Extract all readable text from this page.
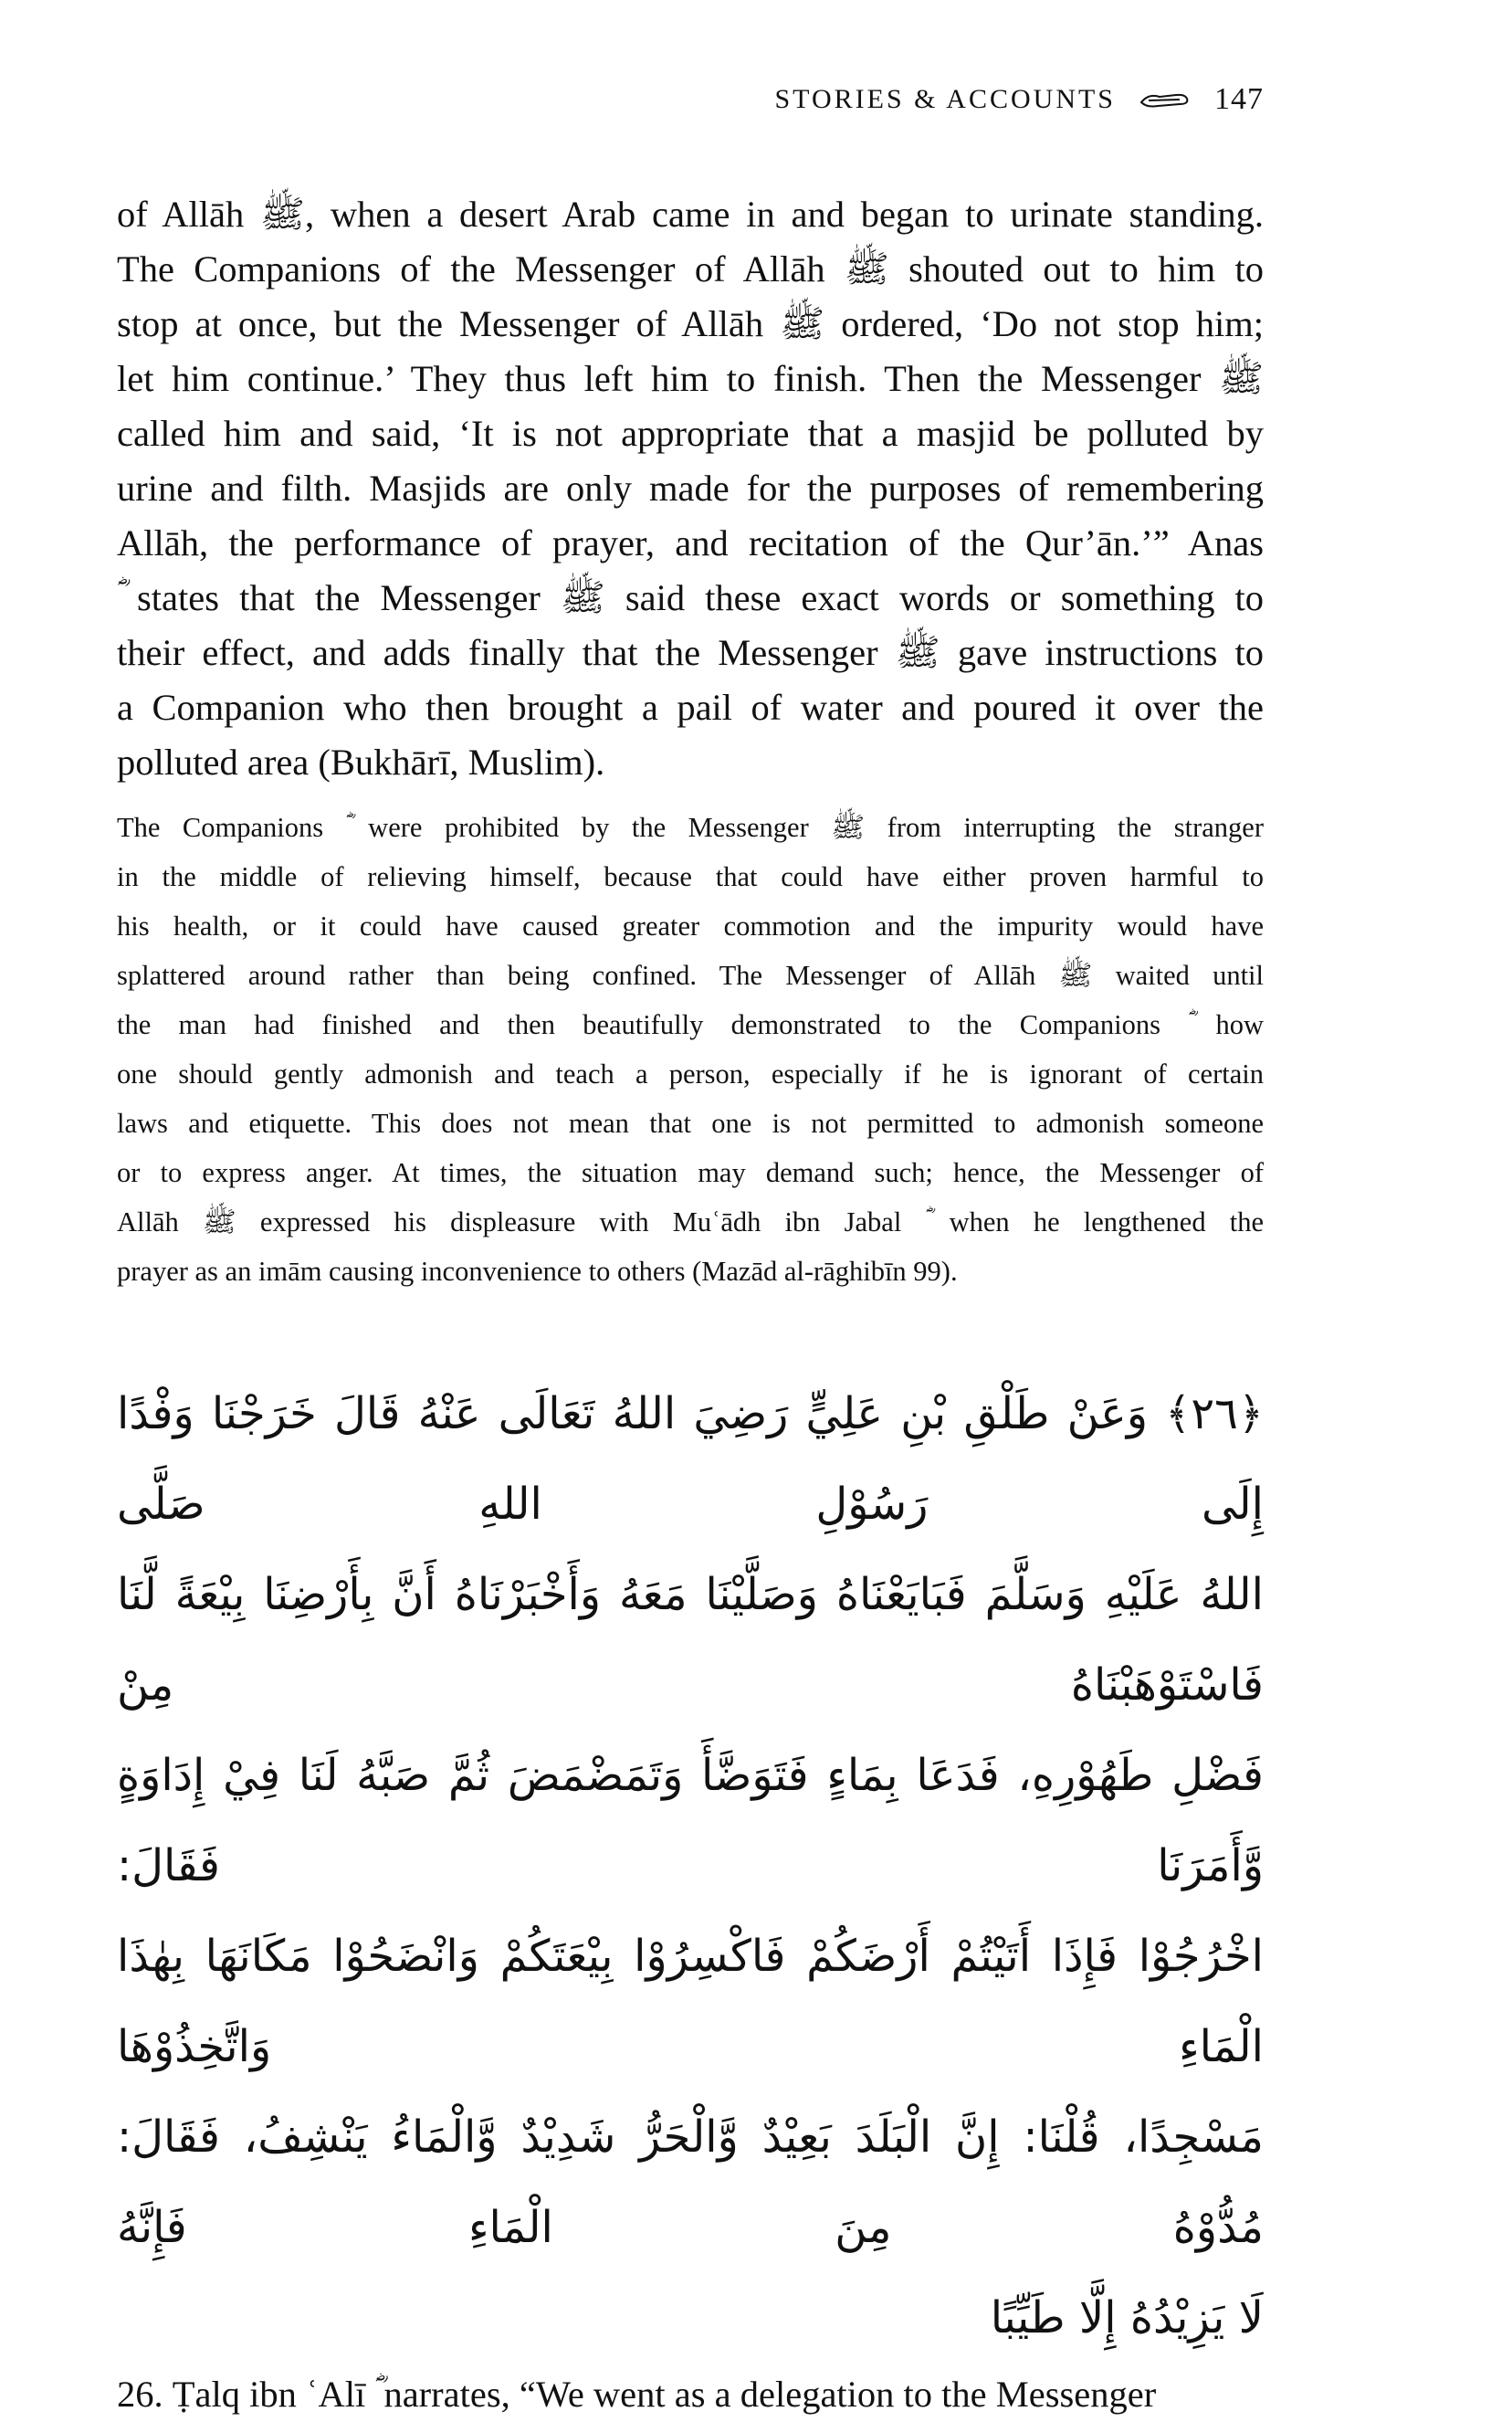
STORIES & ACCOUNTS	147
of Allāh ﷺ, when a desert Arab came in and began to urinate standing.
The Companions of the Messenger of Allāh ﷺ shouted out to him to
stop at once, but the Messenger of Allāh ﷺ ordered, ‘Do not stop him;
let him continue.’ They thus left him to finish. Then the Messenger ﷺ
called him and said, ‘It is not appropriate that a masjid be polluted by
urine and filth. Masjids are only made for the purposes of remembering
Allāh, the performance of prayer, and recitation of the Qur’ān.’” Anas
ؓ states that the Messenger ﷺ said these exact words or something to
their effect, and adds finally that the Messenger ﷺ gave instructions to
a Companion who then brought a pail of water and poured it over the
polluted area (Bukhārī, Muslim).
The Companions ؓ were prohibited by the Messenger ﷺ from interrupting the stranger
in the middle of relieving himself, because that could have either proven harmful to
his health, or it could have caused greater commotion and the impurity would have
splattered around rather than being confined. The Messenger of Allāh ﷺ waited until
the man had finished and then beautifully demonstrated to the Companions ؓ how
one should gently admonish and teach a person, especially if he is ignorant of certain
laws and etiquette. This does not mean that one is not permitted to admonish someone
or to express anger. At times, the situation may demand such; hence, the Messenger of
Allāh ﷺ expressed his displeasure with Muʿādh ibn Jabal ؓ when he lengthened the
prayer as an imām causing inconvenience to others (Mazād al-rāghibīn 99).
﴿٢٦﴾ وَعَنْ طَلْقِ بْنِ عَلِيٍّ رَضِيَ اللهُ تَعَالَى عَنْهُ قَالَ خَرَجْنَا وَفْدًا إِلَى رَسُوْلِ اللهِ صَلَّى
اللهُ عَلَيْهِ وَسَلَّمَ فَبَايَعْنَاهُ وَصَلَّيْنَا مَعَهُ وَأَخْبَرْنَاهُ أَنَّ بِأَرْضِنَا بِيْعَةً لَّنَا فَاسْتَوْهَبْنَاهُ مِنْ
فَضْلِ طَهُوْرِهِ، فَدَعَا بِمَاءٍ فَتَوَضَّأَ وَتَمَضْمَضَ ثُمَّ صَبَّهُ لَنَا فِيْ إِدَاوَةٍ وَّأَمَرَنَا فَقَالَ:
اخْرُجُوْا فَإِذَا أَتَيْتُمْ أَرْضَكُمْ فَاكْسِرُوْا بِيْعَتَكُمْ وَانْضَحُوْا مَكَانَهَا بِهٰذَا الْمَاءِ وَاتَّخِذُوْهَا
مَسْجِدًا، قُلْنَا: إِنَّ الْبَلَدَ بَعِيْدٌ وَّالْحَرُّ شَدِيْدٌ وَّالْمَاءُ يَنْشِفُ، فَقَالَ: مُدُّوْهُ مِنَ الْمَاءِ فَإِنَّهُ
لَا يَزِيْدُهُ إِلَّا طَيِّبًا
26. Ṭalq ibn ʿAlī ؓ narrates, “We went as a delegation to the Messenger
